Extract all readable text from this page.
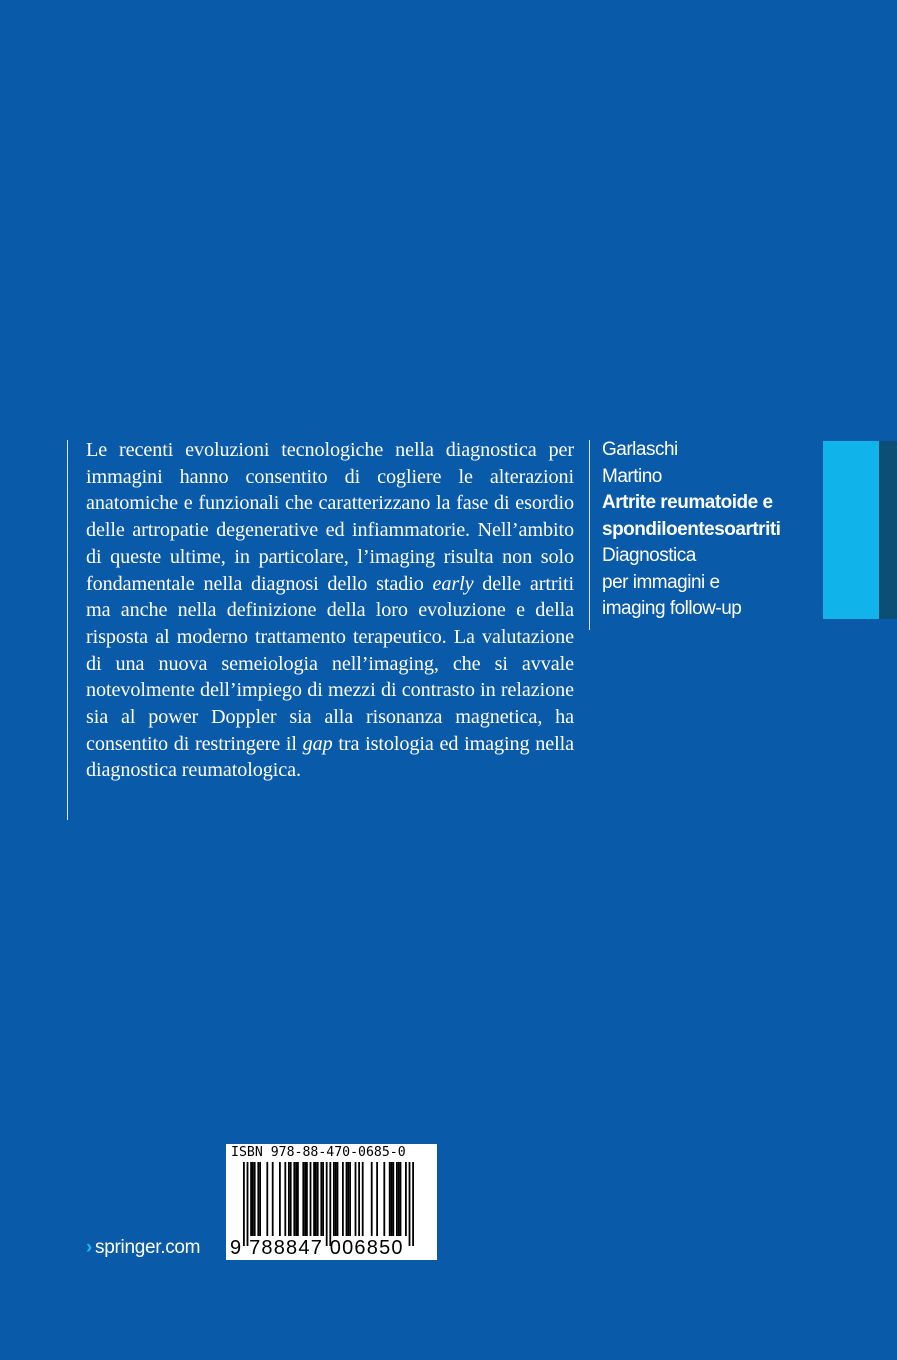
Le recenti evoluzioni tecnologiche nella diagnostica per immagini hanno consentito di cogliere le alterazioni anatomiche e funzionali che caratterizzano la fase di esordio delle artropatie degenerative ed infiammatorie. Nell’ambito di queste ultime, in particolare, l’imaging risulta non solo fondamentale nella diagnosi dello stadio early delle artriti ma anche nella definizione della loro evoluzione e della risposta al moderno trattamento terapeutico. La valutazione di una nuova semeiologia nell’imaging, che si avvale notevolmente dell’impiego di mezzi di contrasto in relazione sia al power Doppler sia alla risonanza magnetica, ha consentito di restringere il gap tra istologia ed imaging nella diagnostica reumatologica.

Garlaschi
Martino
Artrite reumatoide e
spondiloentesoartriti
Diagnostica
per immagini e
imaging follow-up
› springer.com
ISBN 978-88-470-0685-0
9 788847 006850
